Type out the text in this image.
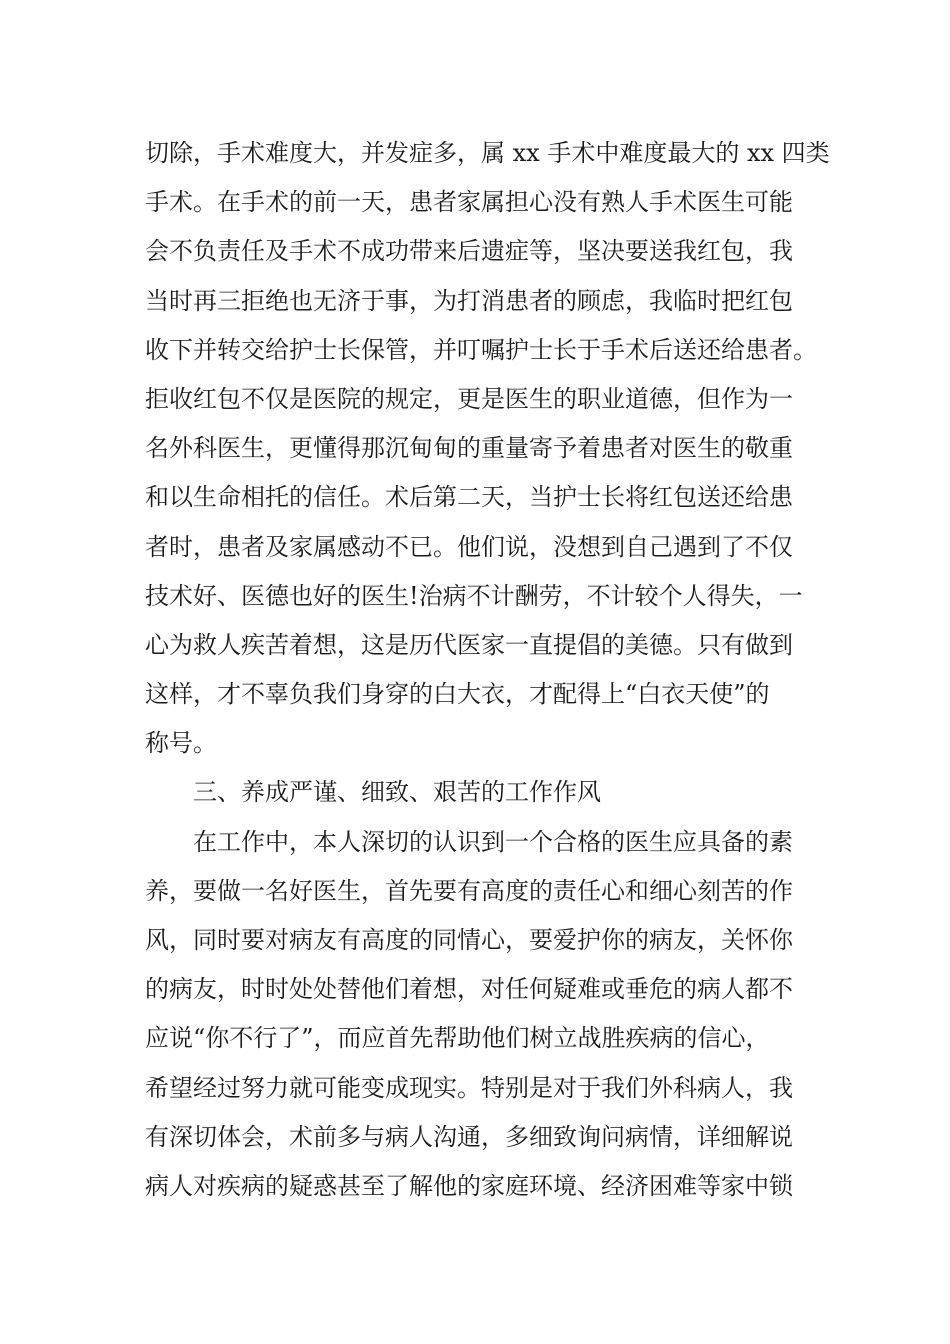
切除，手术难度大，并发症多，属 xx 手术中难度最大的 xx 四类
手术。在手术的前一天，患者家属担心没有熟人手术医生可能
会不负责任及手术不成功带来后遗症等，坚决要送我红包，我
当时再三拒绝也无济于事，为打消患者的顾虑，我临时把红包
收下并转交给护士长保管，并叮嘱护士长于手术后送还给患者。
拒收红包不仅是医院的规定，更是医生的职业道德，但作为一
名外科医生，更懂得那沉甸甸的重量寄予着患者对医生的敬重
和以生命相托的信任。术后第二天，当护士长将红包送还给患
者时，患者及家属感动不已。他们说，没想到自己遇到了不仅
技术好、医德也好的医生!治病不计酬劳，不计较个人得失，一
心为救人疾苦着想，这是历代医家一直提倡的美德。只有做到
这样，才不辜负我们身穿的白大衣，才配得上“白衣天使”的
称号。
三、养成严谨、细致、艰苦的工作作风
在工作中，本人深切的认识到一个合格的医生应具备的素
养，要做一名好医生，首先要有高度的责任心和细心刻苦的作
风，同时要对病友有高度的同情心，要爱护你的病友，关怀你
的病友，时时处处替他们着想，对任何疑难或垂危的病人都不
应说“你不行了”，而应首先帮助他们树立战胜疾病的信心，
希望经过努力就可能变成现实。特别是对于我们外科病人，我
有深切体会，术前多与病人沟通，多细致询问病情，详细解说
病人对疾病的疑惑甚至了解他的家庭环境、经济困难等家中锁
